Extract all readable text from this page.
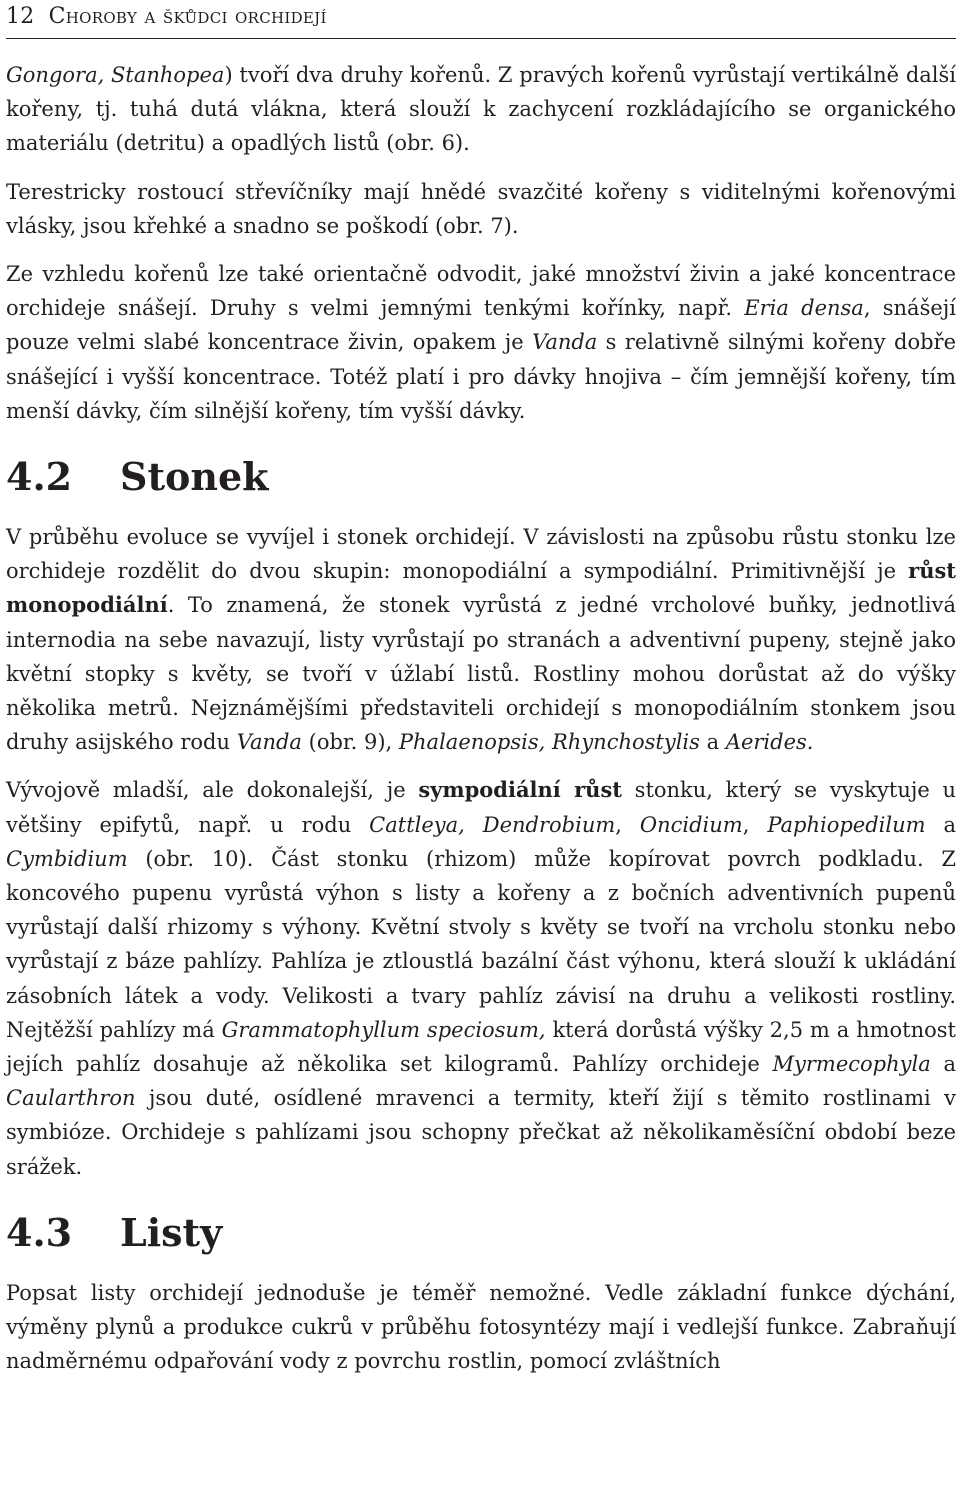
12 Choroby a škůdci orchidejí

Gongora, Stanhopea) tvoří dva druhy kořenů. Z pravých kořenů vyrůstají vertikálně další kořeny, tj. tuhá dutá vlákna, která slouží k zachycení rozkládajícího se organického materiálu (detritu) a opadlých listů (obr. 6).

Terestricky rostoucí střevíčníky mají hnědé svazčité kořeny s viditelnými kořenovými vlásky, jsou křehké a snadno se poškodí (obr. 7).

Ze vzhledu kořenů lze také orientačně odvodit, jaké množství živin a jaké koncentrace orchideje snášejí. Druhy s velmi jemnými tenkými kořínky, např. Eria densa, snášejí pouze velmi slabé koncentrace živin, opakem je Vanda s relativně silnými kořeny dobře snášející i vyšší koncentrace. Totéž platí i pro dávky hnojiva – čím jemnější kořeny, tím menší dávky, čím silnější kořeny, tím vyšší dávky.

4.2 Stonek

V průběhu evoluce se vyvíjel i stonek orchidejí. V závislosti na způsobu růstu stonku lze orchideje rozdělit do dvou skupin: monopodiální a sympodiální. Primitivnější je růst monopodiální. To znamená, že stonek vyrůstá z jedné vrcholové buňky, jednotlivá internodia na sebe navazují, listy vyrůstají po stranách a adventivní pupeny, stejně jako květní stopky s květy, se tvoří v úžlabí listů. Rostliny mohou dorůstat až do výšky několika metrů. Nejznámějšími představiteli orchidejí s monopodiálním stonkem jsou druhy asijského rodu Vanda (obr. 9), Phalaenopsis, Rhynchostylis a Aerides.

Vývojově mladší, ale dokonalejší, je sympodiální růst stonku, který se vyskytuje u většiny epifytů, např. u rodu Cattleya, Dendrobium, Oncidium, Paphiopedilum a Cymbidium (obr. 10). Část stonku (rhizom) může kopírovat povrch podkladu. Z koncového pupenu vyrůstá výhon s listy a kořeny a z bočních adventivních pupenů vyrůstají další rhizomy s výhony. Květní stvoly s květy se tvoří na vrcholu stonku nebo vyrůstají z báze pahlízy. Pahlíza je ztloustlá bazální část výhonu, která slouží k ukládání zásobních látek a vody. Velikosti a tvary pahlíz závisí na druhu a velikosti rostliny. Nejtěžší pahlízy má Grammatophyllum speciosum, která dorůstá výšky 2,5 m a hmotnost jejích pahlíz dosahuje až několika set kilogramů. Pahlízy orchideje Myrmecophyla a Caularthron jsou duté, osídlené mravenci a termity, kteří žijí s těmito rostlinami v symbióze. Orchideje s pahlízami jsou schopny přečkat až několikaměsíční období beze srážek.

4.3 Listy

Popsat listy orchidejí jednoduše je téměř nemožné. Vedle základní funkce dýchání, výměny plynů a produkce cukrů v průběhu fotosyntézy mají i vedlejší funkce. Zabraňují nadměrnému odpařování vody z povrchu rostlin, pomocí zvláštních
